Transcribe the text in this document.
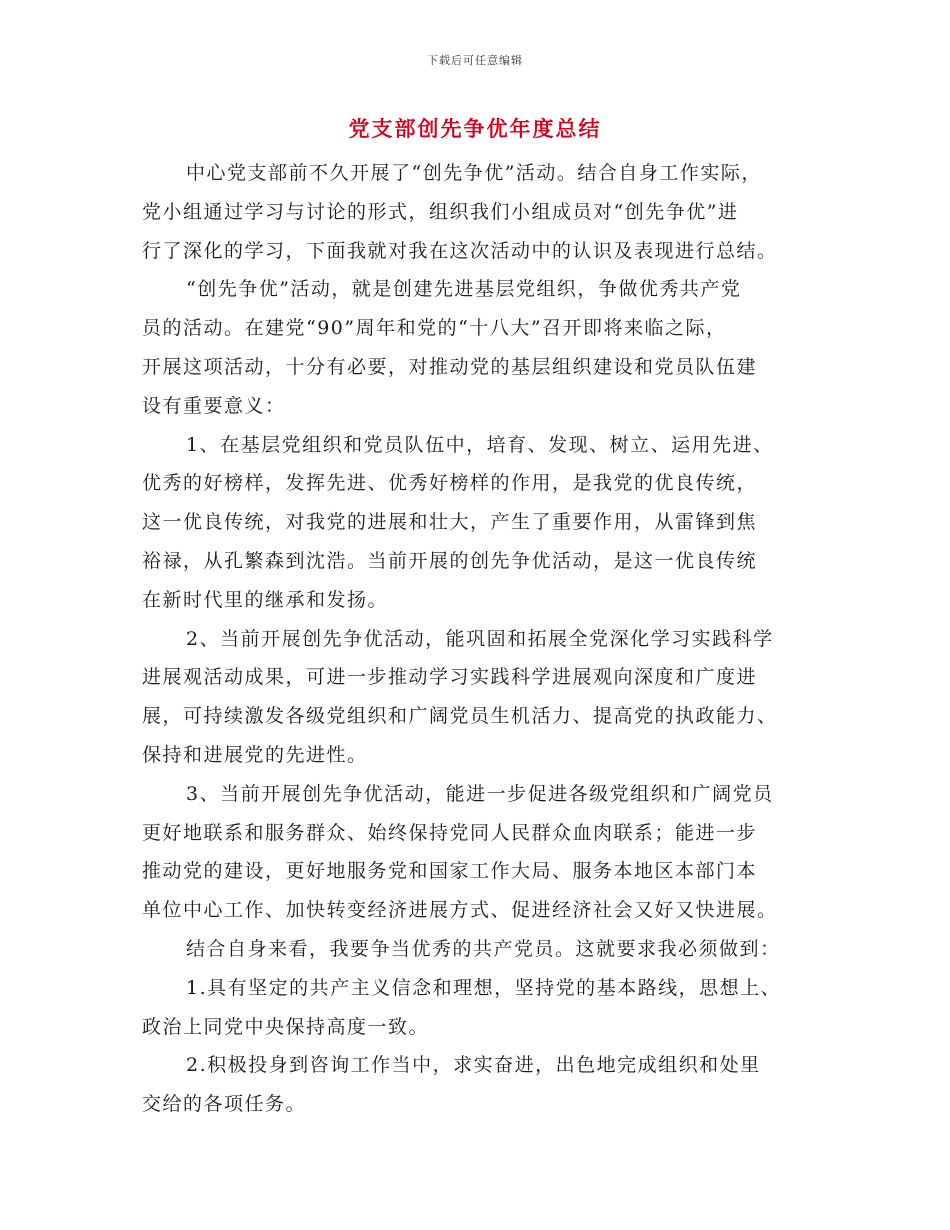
下载后可任意编辑
党支部创先争优年度总结
中心党支部前不久开展了“创先争优”活动。结合自身工作实际，
党小组通过学习与讨论的形式，组织我们小组成员对“创先争优”进
行了深化的学习，下面我就对我在这次活动中的认识及表现进行总结。
“创先争优”活动，就是创建先进基层党组织，争做优秀共产党
员的活动。在建党“90”周年和党的“十八大”召开即将来临之际，
开展这项活动，十分有必要，对推动党的基层组织建设和党员队伍建
设有重要意义：
1、在基层党组织和党员队伍中，培育、发现、树立、运用先进、
优秀的好榜样，发挥先进、优秀好榜样的作用，是我党的优良传统，
这一优良传统，对我党的进展和壮大，产生了重要作用，从雷锋到焦
裕禄，从孔繁森到沈浩。当前开展的创先争优活动，是这一优良传统
在新时代里的继承和发扬。
2、当前开展创先争优活动，能巩固和拓展全党深化学习实践科学
进展观活动成果，可进一步推动学习实践科学进展观向深度和广度进
展，可持续激发各级党组织和广阔党员生机活力、提高党的执政能力、
保持和进展党的先进性。
3、当前开展创先争优活动，能进一步促进各级党组织和广阔党员
更好地联系和服务群众、始终保持党同人民群众血肉联系；能进一步
推动党的建设，更好地服务党和国家工作大局、服务本地区本部门本
单位中心工作、加快转变经济进展方式、促进经济社会又好又快进展。
结合自身来看，我要争当优秀的共产党员。这就要求我必须做到：
1.具有坚定的共产主义信念和理想，坚持党的基本路线，思想上、
政治上同党中央保持高度一致。
2.积极投身到咨询工作当中，求实奋进，出色地完成组织和处里
交给的各项任务。
